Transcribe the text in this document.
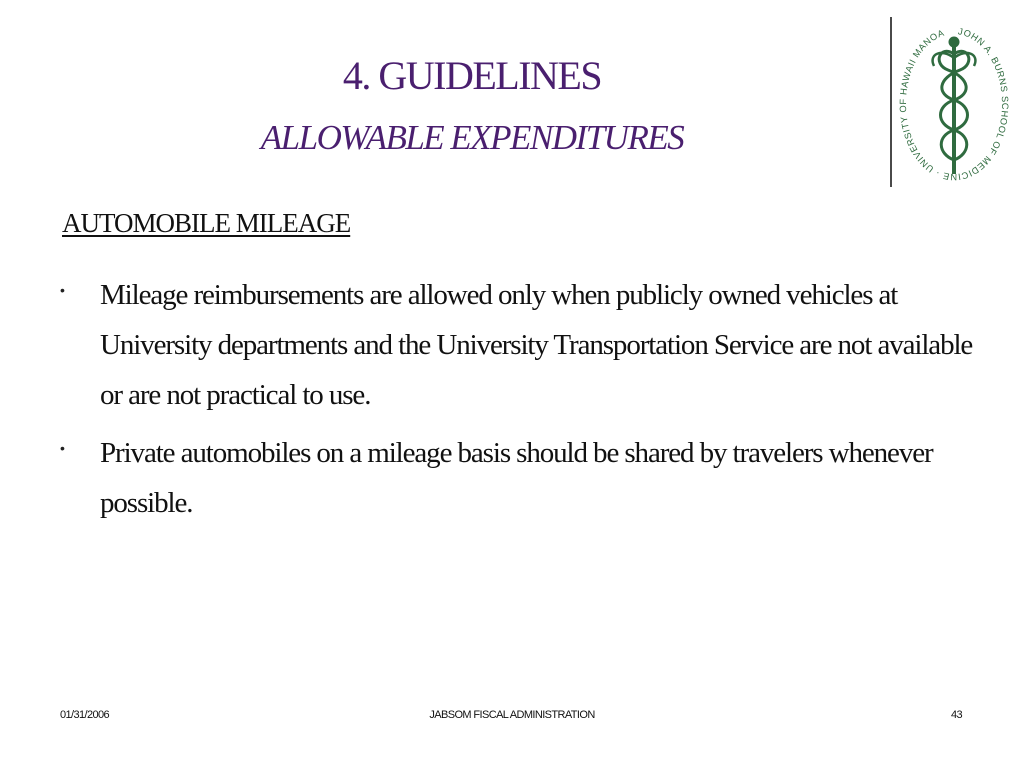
4. GUIDELINES
ALLOWABLE EXPENDITURES
JOHN A. BURNS SCHOOL OF MEDICINE · UNIVERSITY OF HAWAII MANOA
AUTOMOBILE MILEAGE
• Mileage reimbursements are allowed only when publicly owned vehicles at University departments and the University Transportation Service are not available or are not practical to use.
• Private automobiles on a mileage basis should be shared by travelers whenever possible.
01/31/2006	JABSOM FISCAL ADMINISTRATION	43
